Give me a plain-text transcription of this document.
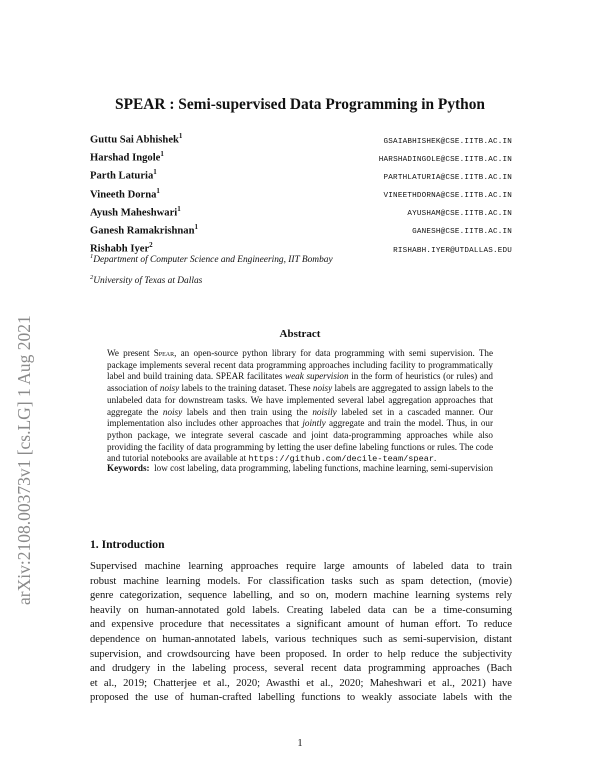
arXiv:2108.00373v1 [cs.LG] 1 Aug 2021
SPEAR : Semi-supervised Data Programming in Python
Guttu Sai Abhishek$^1$
GSAIABHISHEK@CSE.IITB.AC.IN
Harshad Ingole$^1$
HARSHADINGOLE@CSE.IITB.AC.IN
Parth Laturia$^1$
PARTHLATURIA@CSE.IITB.AC.IN
Vineeth Dorna$^1$
VINEETHDORNA@CSE.IITB.AC.IN
Ayush Maheshwari$^1$
AYUSHAM@CSE.IITB.AC.IN
Ganesh Ramakrishnan$^1$
GANESH@CSE.IITB.AC.IN
Rishabh Iyer$^2$
RISHABH.IYER@UTDALLAS.EDU
$^1$Department of Computer Science and Engineering, IIT Bombay
$^2$University of Texas at Dallas
Abstract
We present Spear, an open-source python library for data programming with semi supervision. The package implements several recent data programming approaches including facility to programmatically label and build training data. SPEAR facilitates weak supervision in the form of heuristics (or rules) and association of noisy labels to the training dataset. These noisy labels are aggregated to assign labels to the unlabeled data for downstream tasks. We have implemented several label aggregation approaches that aggregate the noisy labels and then train using the noisily labeled set in a cascaded manner. Our implementation also includes other approaches that jointly aggregate and train the model. Thus, in our python package, we integrate several cascade and joint data-programming approaches while also providing the facility of data programming by letting the user define labeling functions or rules. The code and tutorial notebooks are available at https://github.com/decile-team/spear.
Keywords: low cost labeling, data programming, labeling functions, machine learning, semi-supervision
1. Introduction
Supervised machine learning approaches require large amounts of labeled data to train
robust machine learning models. For classification tasks such as spam detection, (movie)
genre categorization, sequence labelling, and so on, modern machine learning systems rely
heavily on human-annotated gold labels. Creating labeled data can be a time-consuming
and expensive procedure that necessitates a significant amount of human effort. To reduce
dependence on human-annotated labels, various techniques such as semi-supervision, distant
supervision, and crowdsourcing have been proposed. In order to help reduce the subjectivity
and drudgery in the labeling process, several recent data programming approaches (Bach
et al., 2019; Chatterjee et al., 2020; Awasthi et al., 2020; Maheshwari et al., 2021) have
proposed the use of human-crafted labelling functions to weakly associate labels with the
1
